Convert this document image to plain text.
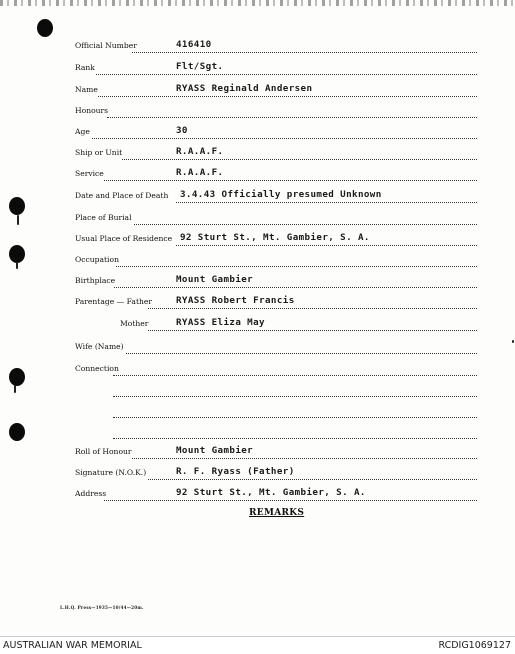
Official Number	416410
Rank	Flt/Sgt.
Name	RYASS Reginald Andersen
Honours
Age	30
Ship or Unit	R.A.A.F.
Service	R.A.A.F.
Date and Place of Death 3.4.43 Officially presumed Unknown
Place of Burial
Usual Place of Residence 92 Sturt St., Mt. Gambier, S. A.
Occupation
Birthplace	Mount Gambier
Parentage — Father	RYASS Robert Francis
Mother	RYASS Eliza May
Wife (Name)
Connection
Roll of Honour	Mount Gambier
Signature (N.O.K.)	R. F. Ryass (Father)
Address	92 Sturt St., Mt. Gambier, S. A.
REMARKS
L.H.Q. Press—1935—10/44—20m.
AUSTRALIAN WAR MEMORIAL	RCDIG1069127
